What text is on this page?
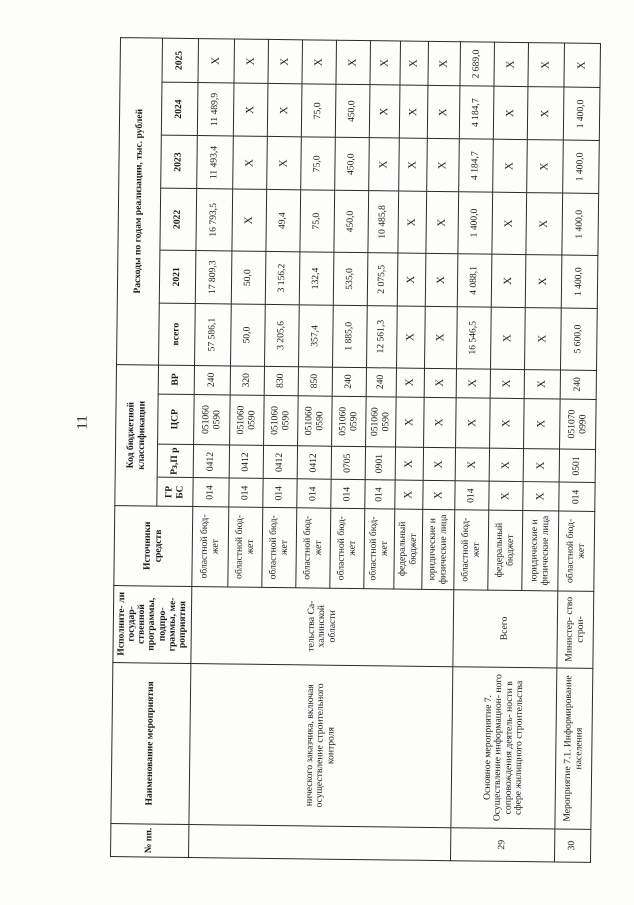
11
№ пп.	Наименование мероприятия	Исполните- ли государ- ственной программы, подпро- граммы, ме- роприятия	Источники средств	Код бюджетной классификации				Расходы по годам реализации, тыс. рублей					
				ГР БС	Рз,П р	ЦСР	ВР	всего	2021	2022	2023	2024	2025
	нического заказчика, включая осуществление строительного контроля	тельства Са- халинской области	областной бюд- жет	014	0412	051060 0590	240	57 586,1	17 809,3	16 793,5	11 493,4	11 489,9	X
			областной бюд- жет	014	0412	051060 0590	320	50,0	50,0	X	X	X	X
			областной бюд- жет	014	0412	051060 0590	830	3 205,6	3 156,2	49,4	X	X	X
			областной бюд- жет	014	0412	051060 0590	850	357,4	132,4	75,0	75,0	75,0	X
			областной бюд- жет	014	0705	051060 0590	240	1 885,0	535,0	450,0	450,0	450,0	X
			областной бюд- жет	014	0901	051060 0590	240	12 561,3	2 075,5	10 485,8	X	X	X
			федеральный бюджет	X	X	X	X	X	X	X	X	X	X
			юридические и физические лица	X	X	X	X	X	X	X	X	X	X
29	Основное мероприятие 7. Осуществление информацион- ного сопровождения деятель- ности в сфере жилищного строительства	Всего	областной бюд- жет	014	X	X	X	16 546,5	4 088,1	1 400,0	4 184,7	4 184,7	2 689,0
			федеральный бюджет	X	X	X	X	X	X	X	X	X	X
			юридические и физические лица	X	X	X	X	X	X	X	X	X	X
30	Мероприятие 7.1. Информирование населения	Министер- ство строи-	областной бюд- жет	014	0501	051070 0990	240	5 600,0	1 400,0	1 400,0	1 400,0	1 400,0	X
